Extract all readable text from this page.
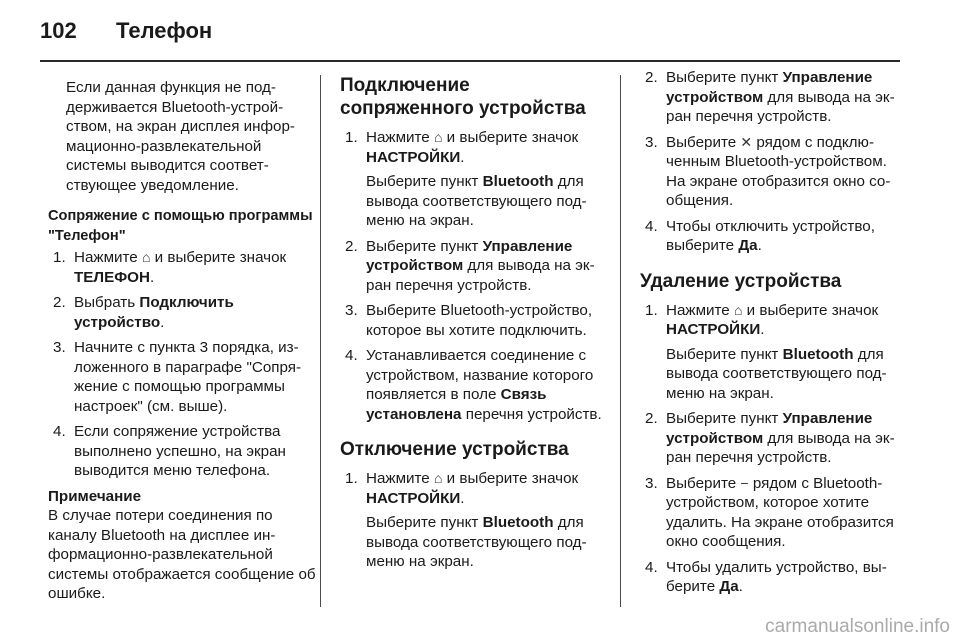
102 Телефон

Если данная функция не поддерживается Bluetooth-устройством, на экран дисплея информационно-развлекательной системы выводится соответствующее уведомление.

Сопряжение с помощью программы "Телефон"

1. Нажмите ⌂ и выберите значок ТЕЛЕФОН.

2. Выбрать Подключить устройство.

3. Начните с пункта 3 порядка, изложенного в параграфе "Сопряжение с помощью программы настроек" (см. выше).

4. Если сопряжение устройства выполнено успешно, на экран выводится меню телефона.

Примечание

В случае потери соединения по каналу Bluetooth на дисплее информационно-развлекательной системы отображается сообщение об ошибке.

Подключение сопряженного устройства

1. Нажмите ⌂ и выберите значок НАСТРОЙКИ.

Выберите пункт Bluetooth для вывода соответствующего подменю на экран.

2. Выберите пункт Управление устройством для вывода на экран перечня устройств.

3. Выберите Bluetooth-устройство, которое вы хотите подключить.

4. Устанавливается соединение с устройством, название которого появляется в поле Связь установлена перечня устройств.

Отключение устройства

1. Нажмите ⌂ и выберите значок НАСТРОЙКИ.

Выберите пункт Bluetooth для вывода соответствующего подменю на экран.

2. Выберите пункт Управление устройством для вывода на экран перечня устройств.

3. Выберите ✕ рядом с подключенным Bluetooth-устройством. На экране отобразится окно сообщения.

4. Чтобы отключить устройство, выберите Да.

Удаление устройства

1. Нажмите ⌂ и выберите значок НАСТРОЙКИ.

Выберите пункт Bluetooth для вывода соответствующего подменю на экран.

2. Выберите пункт Управление устройством для вывода на экран перечня устройств.

3. Выберите − рядом с Bluetooth-устройством, которое хотите удалить. На экране отобразится окно сообщения.

4. Чтобы удалить устройство, выберите Да.

carmanualsonline.info
